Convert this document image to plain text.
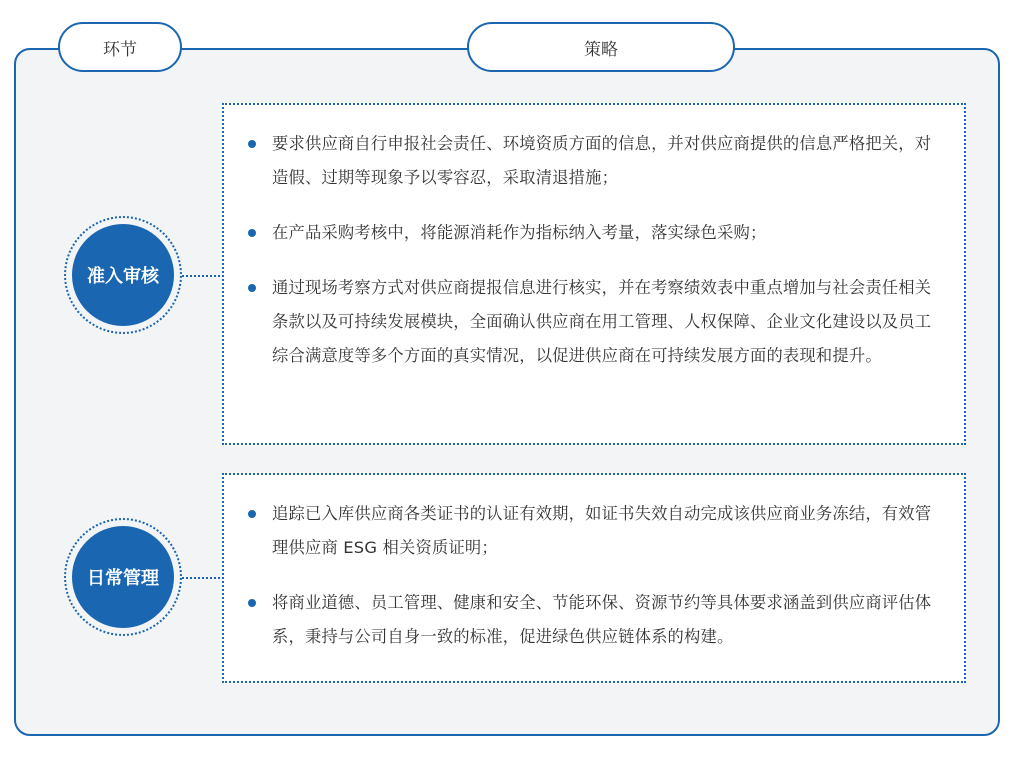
环节	策略
准入审核
要求供应商自行申报社会责任、环境资质方面的信息，并对供应商提供的信息严格把关，对造假、过期等现象予以零容忍，采取清退措施；
在产品采购考核中，将能源消耗作为指标纳入考量，落实绿色采购；
通过现场考察方式对供应商提报信息进行核实，并在考察绩效表中重点增加与社会责任相关条款以及可持续发展模块，全面确认供应商在用工管理、人权保障、企业文化建设以及员工综合满意度等多个方面的真实情况，以促进供应商在可持续发展方面的表现和提升。
日常管理
追踪已入库供应商各类证书的认证有效期，如证书失效自动完成该供应商业务冻结，有效管理供应商 ESG 相关资质证明；
将商业道德、员工管理、健康和安全、节能环保、资源节约等具体要求涵盖到供应商评估体系，秉持与公司自身一致的标准，促进绿色供应链体系的构建。
